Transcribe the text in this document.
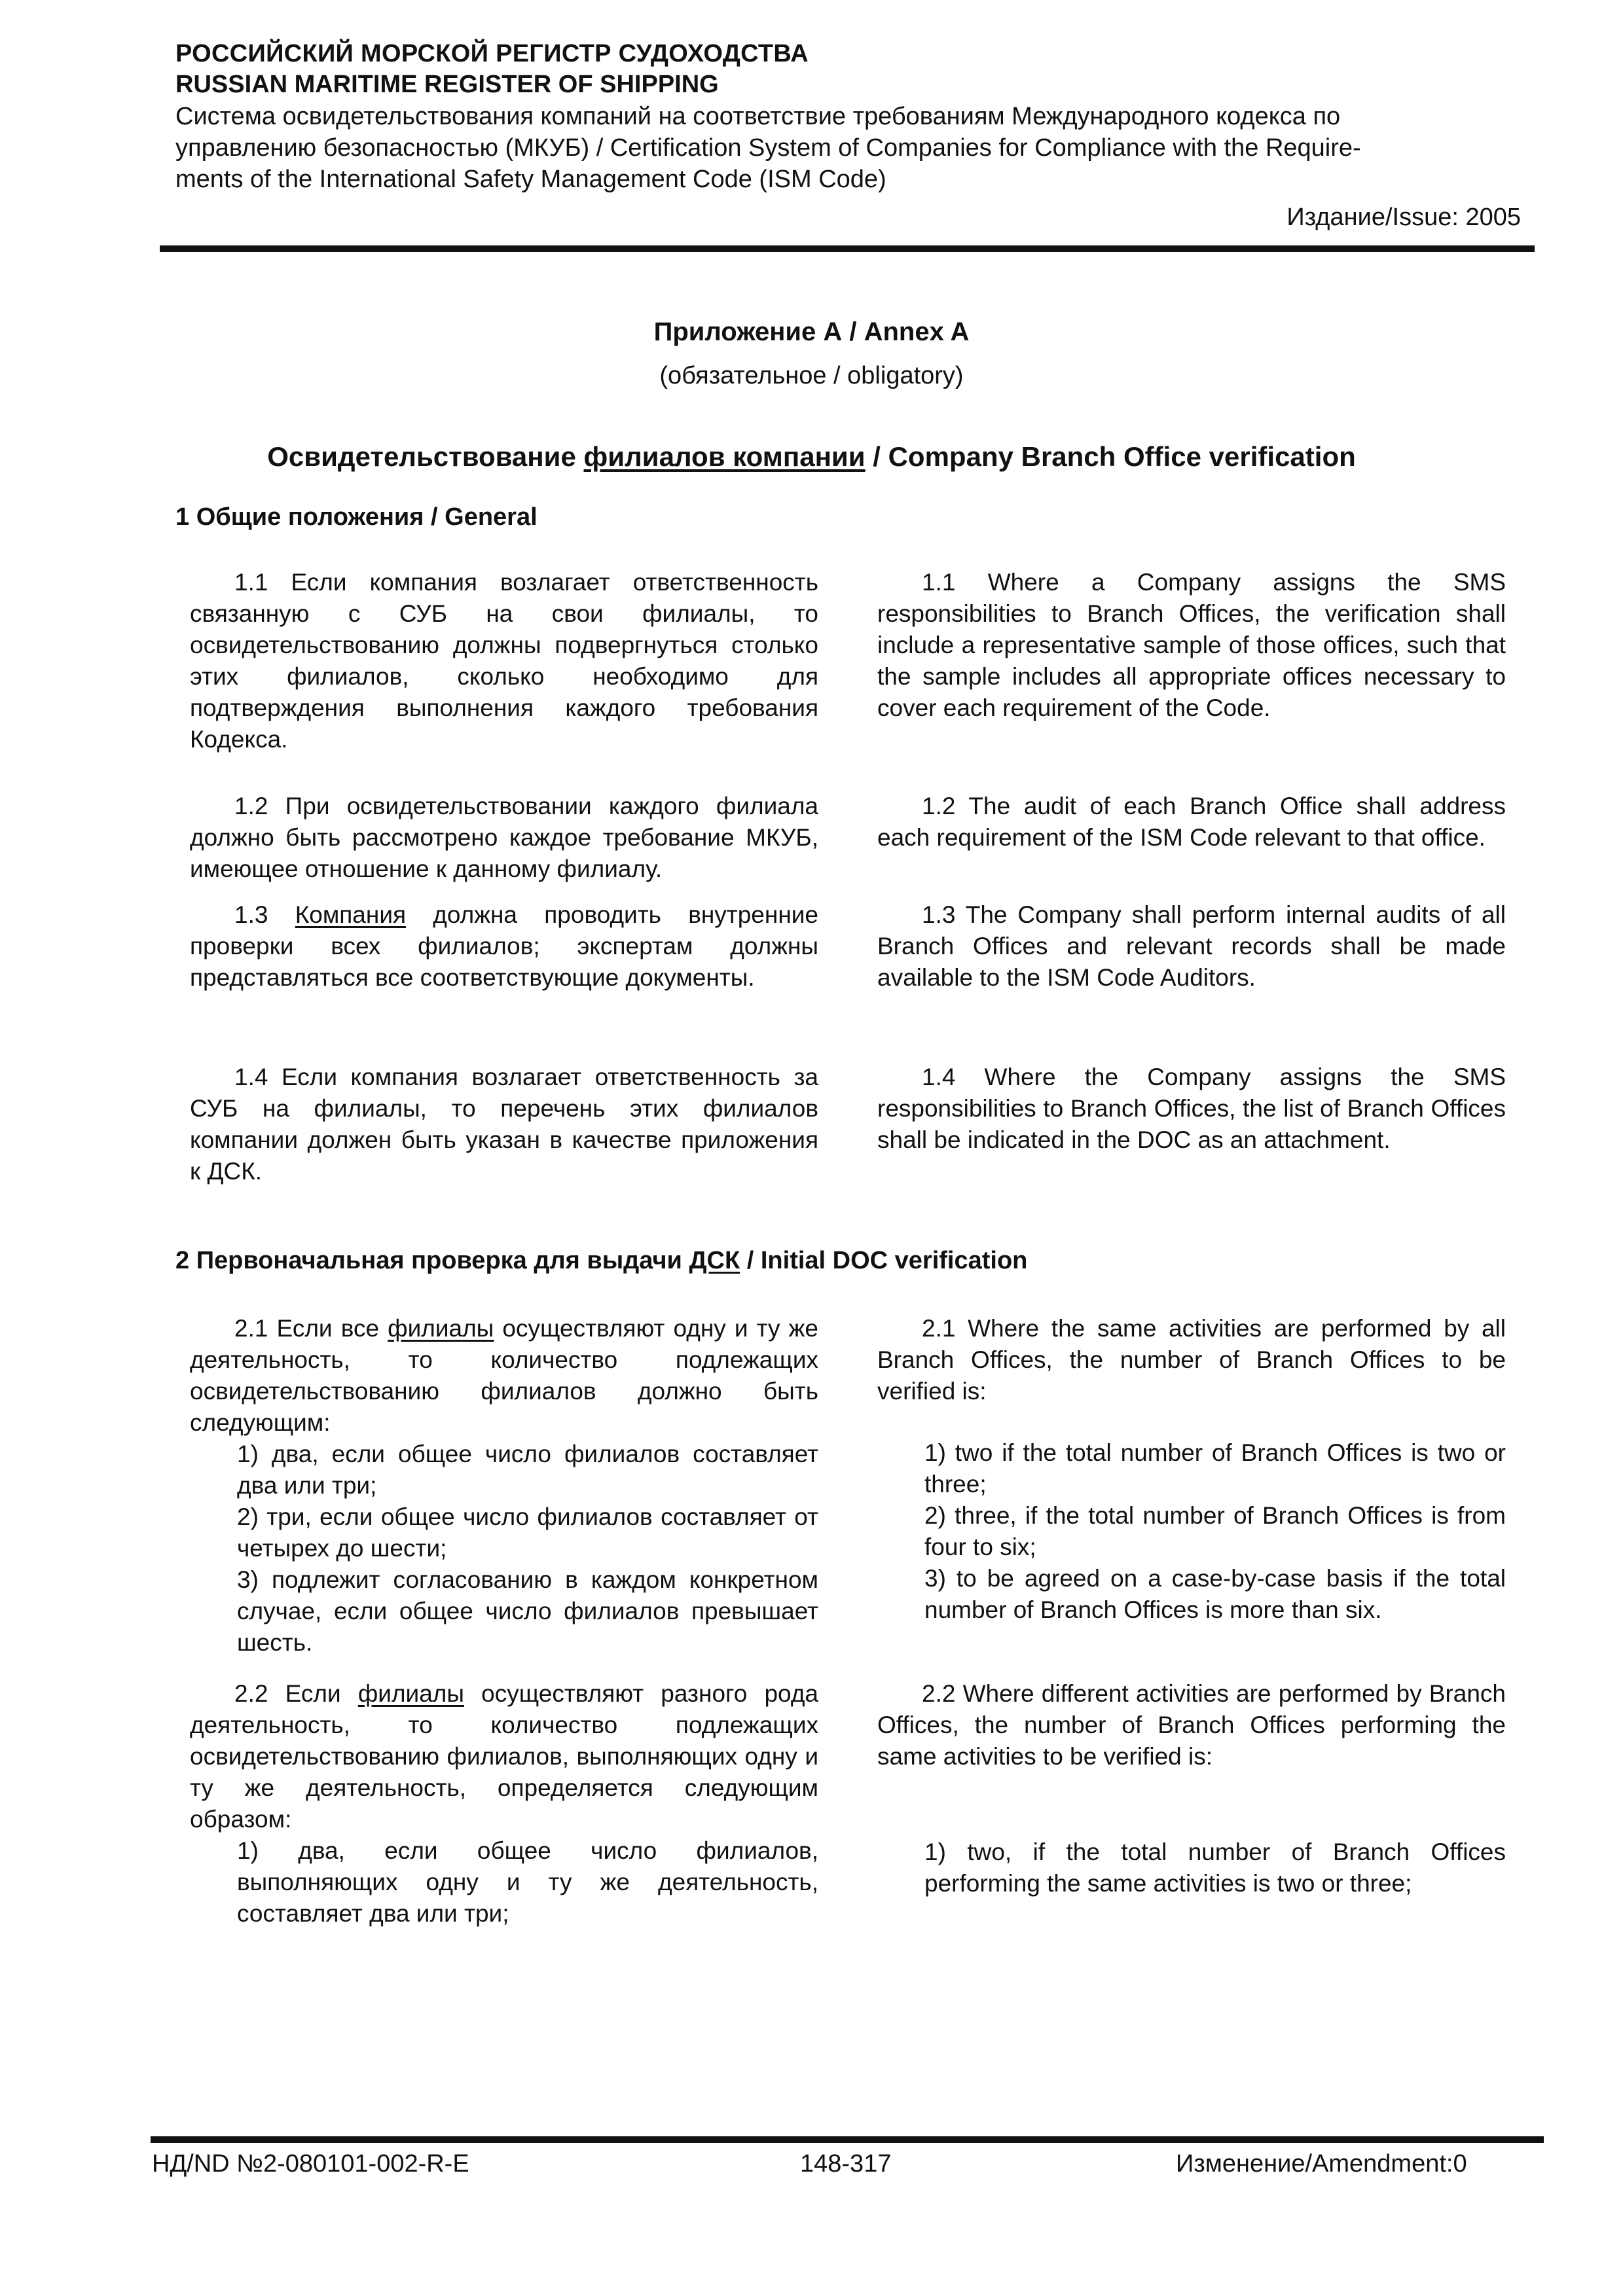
РОССИЙСКИЙ МОРСКОЙ РЕГИСТР СУДОХОДСТВА
RUSSIAN MARITIME REGISTER OF SHIPPING
Система освидетельствования компаний на соответствие требованиям Международного кодекса по
управлению безопасностью (МКУБ) / Certification System of Companies for Compliance with the Require-
ments of the International Safety Management Code (ISM Code)
Издание/Issue: 2005
Приложение А / Annex A
(обязательное / obligatory)
Освидетельствование филиалов компании / Company Branch Office verification
1 Общие положения / General
1.1 Если компания возлагает ответственность связанную с СУБ на свои филиалы, то освидетельствованию должны подвергнуться столько этих филиалов, сколько необходимо для подтверждения выполнения каждого требования Кодекса.
1.1 Where a Company assigns the SMS responsibilities to Branch Offices, the verification shall include a representative sample of those offices, such that the sample includes all appropriate offices necessary to cover each requirement of the Code.
1.2 При освидетельствовании каждого филиала должно быть рассмотрено каждое требование МКУБ, имеющее отношение к данному филиалу.
1.2 The audit of each Branch Office shall address each requirement of the ISM Code relevant to that office.
1.3 Компания должна проводить внутренние проверки всех филиалов; экспертам должны представляться все соответствующие документы.
1.3 The Company shall perform internal audits of all Branch Offices and relevant records shall be made available to the ISM Code Auditors.
1.4 Если компания возлагает ответственность за СУБ на филиалы, то перечень этих филиалов компании должен быть указан в качестве приложения к ДСК.
1.4 Where the Company assigns the SMS responsibilities to Branch Offices, the list of Branch Offices shall be indicated in the DOC as an attachment.
2 Первоначальная проверка для выдачи ДСК / Initial DOC verification
2.1 Если все филиалы осуществляют одну и ту же деятельность, то количество подлежащих освидетельствованию филиалов должно быть следующим:
1) два, если общее число филиалов составляет два или три;
2) три, если общее число филиалов составляет от четырех до шести;
3) подлежит согласованию в каждом конкретном случае, если общее число филиалов превышает шесть.
2.1 Where the same activities are performed by all Branch Offices, the number of Branch Offices to be verified is:
1) two if the total number of Branch Offices is two or three;
2) three, if the total number of Branch Offices is from four to six;
3) to be agreed on a case-by-case basis if the total number of Branch Offices is more than six.
2.2 Если филиалы осуществляют разного рода деятельность, то количество подлежащих освидетельствованию филиалов, выполняющих одну и ту же деятельность, определяется следующим образом:
1) два, если общее число филиалов, выполняющих одну и ту же деятельность, составляет два или три;
2.2 Where different activities are performed by Branch Offices, the number of Branch Offices performing the same activities to be verified is:
1) two, if the total number of Branch Offices performing the same activities is two or three;
НД/ND №2-080101-002-R-E	148-317	Изменение/Amendment:0
